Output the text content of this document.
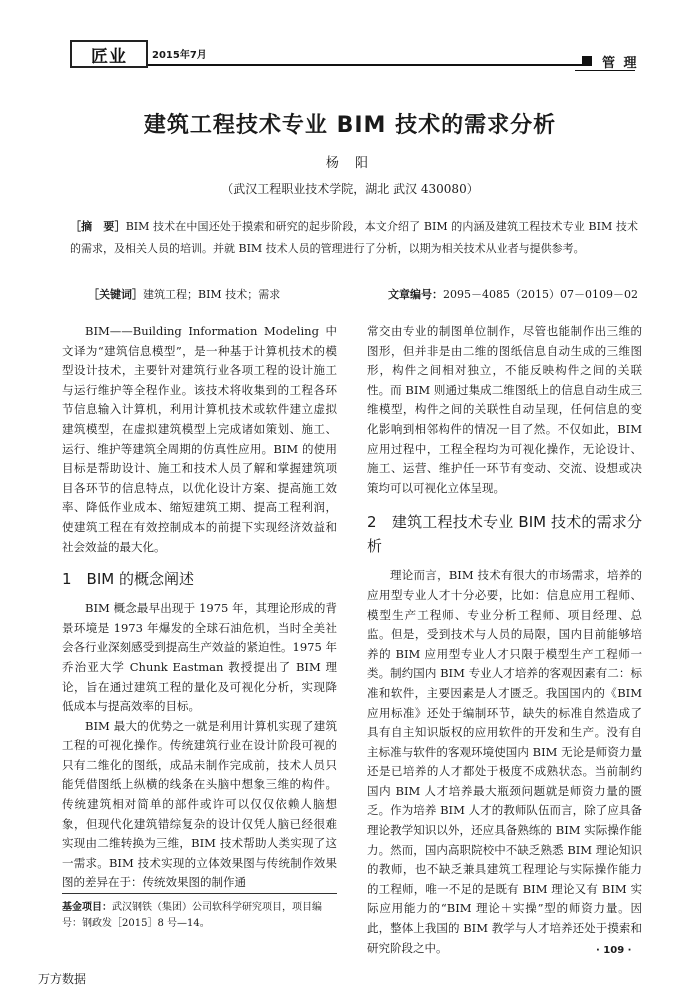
匠业	2015年7月	管 理
建筑工程技术专业 BIM 技术的需求分析
杨 阳
（武汉工程职业技术学院，湖北 武汉 430080）
［摘　要］BIM 技术在中国还处于摸索和研究的起步阶段，本文介绍了 BIM 的内涵及建筑工程技术专业 BIM 技术的需求，及相关人员的培训。并就 BIM 技术人员的管理进行了分析，以期为相关技术从业者与提供参考。
［关键词］建筑工程；BIM 技术；需求	文章编号：2095－4085（2015）07－0109－02

BIM——Building Information Modeling 中文译为“建筑信息模型”，是一种基于计算机技术的模型设计技术，主要针对建筑行业各项工程的设计施工与运行维护等全程作业。该技术将收集到的工程各环节信息输入计算机，利用计算机技术或软件建立虚拟建筑模型，在虚拟建筑模型上完成诸如策划、施工、运行、维护等建筑全周期的仿真性应用。BIM 的使用目标是帮助设计、施工和技术人员了解和掌握建筑项目各环节的信息特点，以优化设计方案、提高施工效率、降低作业成本、缩短建筑工期、提高工程利润，使建筑工程在有效控制成本的前提下实现经济效益和社会效益的最大化。

1　BIM 的概念阐述

BIM 概念最早出现于 1975 年，其理论形成的背景环境是 1973 年爆发的全球石油危机，当时全美社会各行业深刻感受到提高生产效益的紧迫性。1975 年乔治亚大学 Chunk Eastman 教授提出了 BIM 理论，旨在通过建筑工程的量化及可视化分析，实现降低成本与提高效率的目标。

BIM 最大的优势之一就是利用计算机实现了建筑工程的可视化操作。传统建筑行业在设计阶段可视的只有二维化的图纸，成品未制作完成前，技术人员只能凭借图纸上纵横的线条在头脑中想象三维的构件。传统建筑相对简单的部件或许可以仅仅依赖人脑想象，但现代化建筑错综复杂的设计仅凭人脑已经很难实现由二维转换为三维，BIM 技术帮助人类实现了这一需求。BIM 技术实现的立体效果图与传统制作效果图的差异在于：传统效果图的制作通

常交由专业的制图单位制作，尽管也能制作出三维的图形，但并非是由二维的图纸信息自动生成的三维图形，构件之间相对独立，不能反映构件之间的关联性。而 BIM 则通过集成二维图纸上的信息自动生成三维模型，构件之间的关联性自动呈现，任何信息的变化影响到相邻构件的情况一目了然。不仅如此，BIM 应用过程中，工程全程均为可视化操作，无论设计、施工、运营、维护任一环节有变动、交流、设想或决策均可以可视化立体呈现。

2　建筑工程技术专业 BIM 技术的需求分析

理论而言，BIM 技术有很大的市场需求，培养的应用型专业人才十分必要，比如：信息应用工程师、模型生产工程师、专业分析工程师、项目经理、总监。但是，受到技术与人员的局限，国内目前能够培养的 BIM 应用型专业人才只限于模型生产工程师一类。制约国内 BIM 专业人才培养的客观因素有二：标准和软件，主要因素是人才匮乏。我国国内的《BIM 应用标准》还处于编制环节，缺失的标准自然造成了具有自主知识版权的应用软件的开发和生产。没有自主标准与软件的客观环境使国内 BIM 无论是师资力量还是已培养的人才都处于极度不成熟状态。当前制约国内 BIM 人才培养最大瓶颈问题就是师资力量的匮乏。作为培养 BIM 人才的教师队伍而言，除了应具备理论教学知识以外，还应具备熟练的 BIM 实际操作能力。然而，国内高职院校中不缺乏熟悉 BIM 理论知识的教师，也不缺乏兼具建筑工程理论与实际操作能力的工程师，唯一不足的是既有 BIM 理论又有 BIM 实际应用能力的“BIM 理论＋实操”型的师资力量。因此，整体上我国的 BIM 教学与人才培养还处于摸索和研究阶段之中。

基金项目：武汉钢铁（集团）公司软科学研究项目，项目编号：钢政发［2015］8 号—14。
· 109 ·
万方数据
